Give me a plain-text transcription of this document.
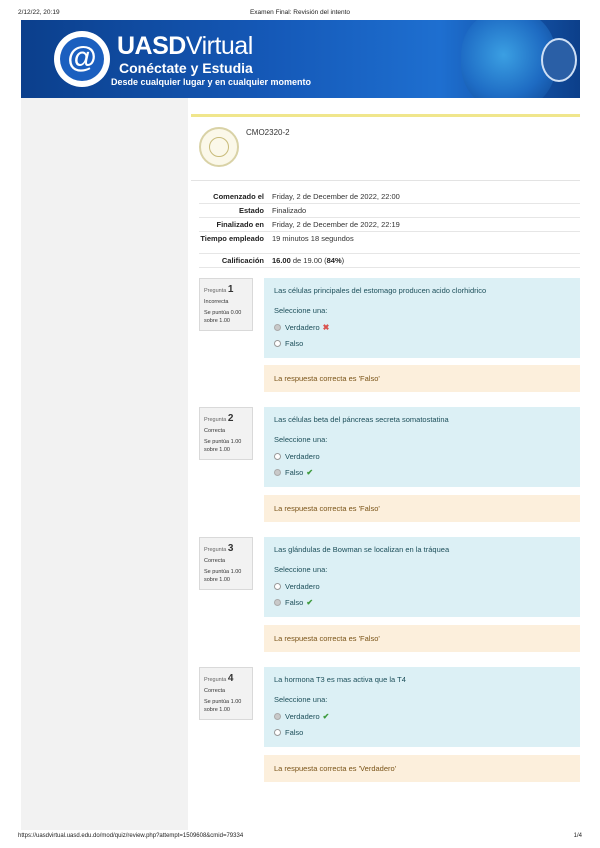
2/12/22, 20:19	Examen Final: Revisión del intento
@ UASDVirtual
Conéctate y Estudia
Desde cualquier lugar y en cualquier momento
CMO2320-2
Comenzado el	Friday, 2 de December de 2022, 22:00
Estado	Finalizado
Finalizado en	Friday, 2 de December de 2022, 22:19
Tiempo empleado	19 minutos 18 segundos
Calificación	16.00 de 19.00 (84%)
Pregunta 1
Incorrecta
Se puntúa 0.00 sobre 1.00
Las células principales del estomago producen acido clorhidrico
Seleccione una:
Verdadero ✖
Falso
La respuesta correcta es 'Falso'
Pregunta 2
Correcta
Se puntúa 1.00 sobre 1.00
Las células beta del páncreas secreta somatostatina
Seleccione una:
Verdadero
Falso ✔
La respuesta correcta es 'Falso'
Pregunta 3
Correcta
Se puntúa 1.00 sobre 1.00
Las glándulas de Bowman se localizan en la tráquea
Seleccione una:
Verdadero
Falso ✔
La respuesta correcta es 'Falso'
Pregunta 4
Correcta
Se puntúa 1.00 sobre 1.00
La hormona T3 es mas activa que la T4
Seleccione una:
Verdadero ✔
Falso
La respuesta correcta es 'Verdadero'
https://uasdvirtual.uasd.edu.do/mod/quiz/review.php?attempt=1509608&cmid=79334	1/4
